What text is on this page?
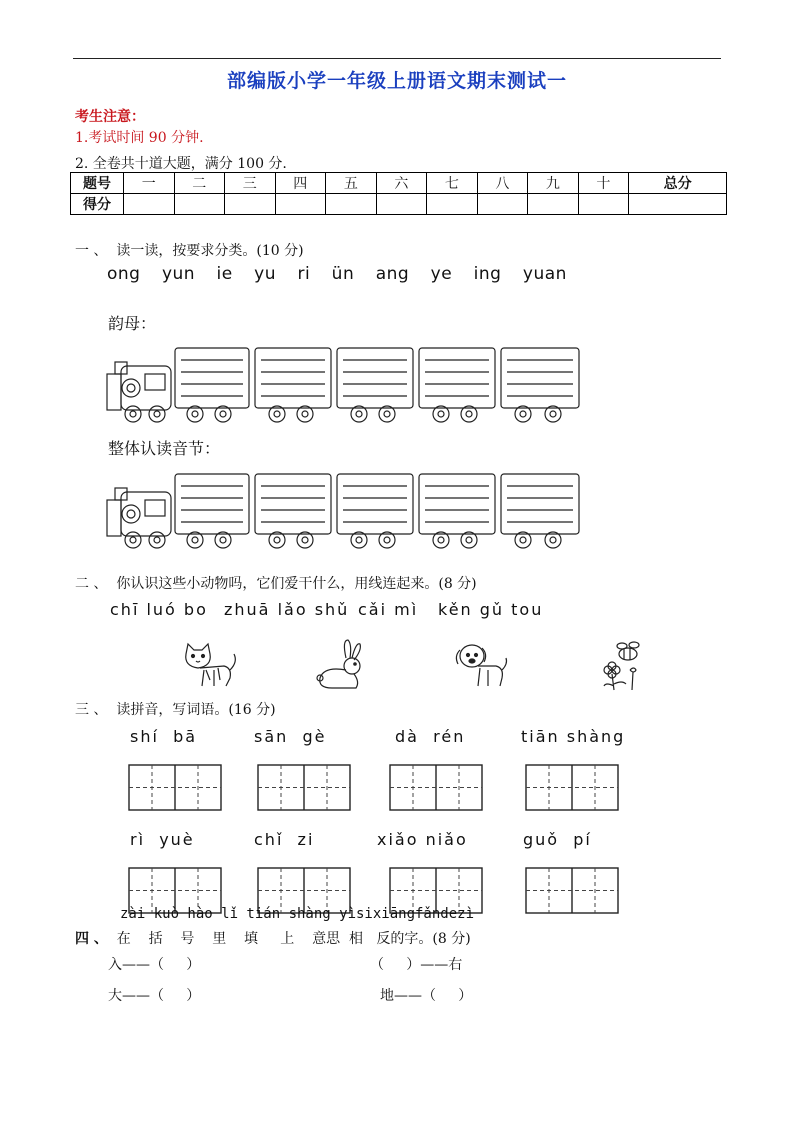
部编版小学一年级上册语文期末测试一
考生注意：
1.考试时间 90 分钟.
2. 全卷共十道大题，满分 100 分.
题号	一	二	三	四	五	六	七	八	九	十	总分
得分											
一 、 读一读，按要求分类。(10 分)
ong yun ie yu ri ün ang ye ing yuan
韵母：
整体认读音节：
二 、 你认识这些小动物吗，它们爱干什么，用线连起来。(8 分)
chī luó bo zhuā lǎo shǔ cǎi mì kěn gǔ tou
三 、 读拼音，写词语。(16 分)
shí  bā	sān  gè	dà  rén	tiān shàng
rì  yuè	chǐ  zi	xiǎo niǎo	guǒ  pí
zài kuò hào lǐ tián shàng yìsixiāngfǎndezì
四 、 在 括 号 里 填 上 意思 相 反的字。(8 分)
入——（     ）	（     ）——右
大——（     ）	地——（     ）
